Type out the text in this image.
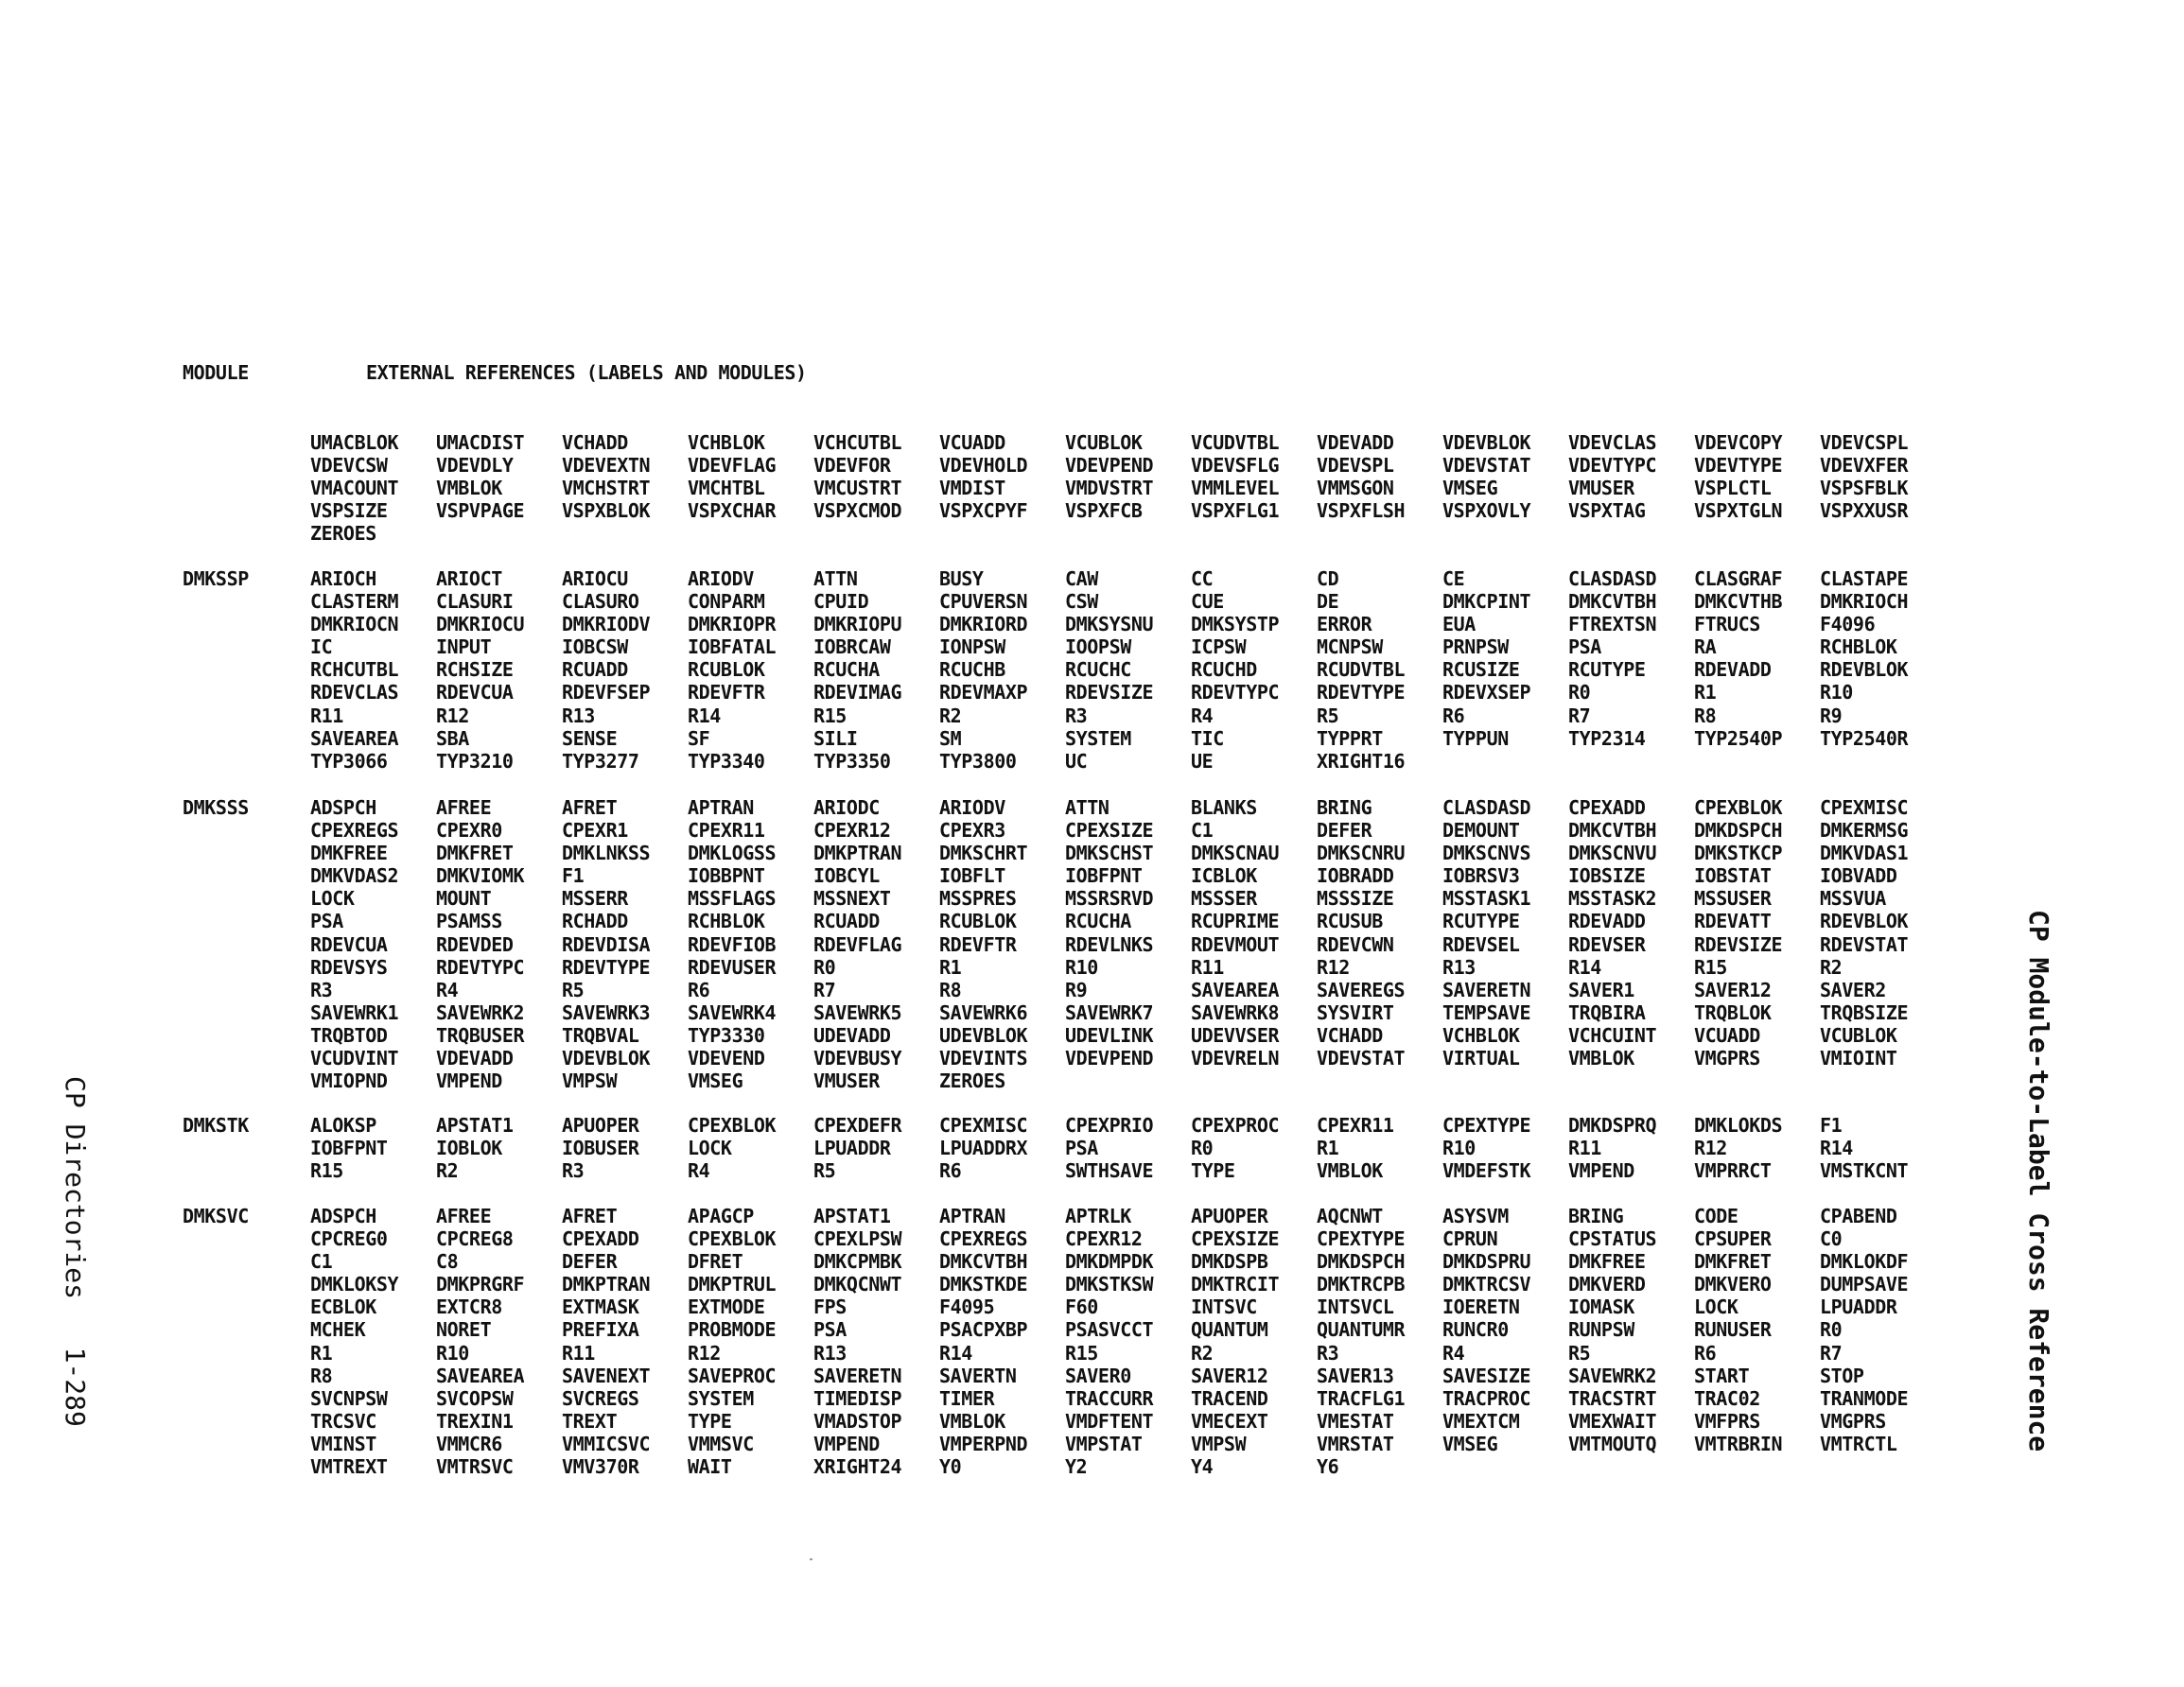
MODULE	EXTERNAL REFERENCES (LABELS AND MODULES)
UMACBLOK	UMACDIST	VCHADD	VCHBLOK	VCHCUTBL	VCUADD	VCUBLOK	VCUDVTBL	VDEVADD	VDEVBLOK	VDEVCLAS	VDEVCOPY	VDEVCSPL
VDEVCSW	VDEVDLY	VDEVEXTN	VDEVFLAG	VDEVFOR	VDEVHOLD	VDEVPEND	VDEVSFLG	VDEVSPL	VDEVSTAT	VDEVTYPC	VDEVTYPE	VDEVXFER
VMACOUNT	VMBLOK	VMCHSTRT	VMCHTBL	VMCUSTRT	VMDIST	VMDVSTRT	VMMLEVEL	VMMSGON	VMSEG	VMUSER	VSPLCTL	VSPSFBLK
VSPSIZE	VSPVPAGE	VSPXBLOK	VSPXCHAR	VSPXCMOD	VSPXCPYF	VSPXFCB	VSPXFLG1	VSPXFLSH	VSPXOVLY	VSPXTAG	VSPXTGLN	VSPXXUSR
ZEROES
DMKSSP	ARIOCH	ARIOCT	ARIOCU	ARIODV	ATTN	BUSY	CAW	CC	CD	CE	CLASDASD	CLASGRAF	CLASTAPE
CLASTERM	CLASURI	CLASURO	CONPARM	CPUID	CPUVERSN	CSW	CUE	DE	DMKCPINT	DMKCVTBH	DMKCVTHB	DMKRIOCH
DMKRIOCN	DMKRIOCU	DMKRIODV	DMKRIOPR	DMKRIOPU	DMKRIORD	DMKSYSNU	DMKSYSTP	ERROR	EUA	FTREXTSN	FTRUCS	F4096
IC	INPUT	IOBCSW	IOBFATAL	IOBRCAW	IONPSW	IOOPSW	ICPSW	MCNPSW	PRNPSW	PSA	RA	RCHBLOK
RCHCUTBL	RCHSIZE	RCUADD	RCUBLOK	RCUCHA	RCUCHB	RCUCHC	RCUCHD	RCUDVTBL	RCUSIZE	RCUTYPE	RDEVADD	RDEVBLOK
RDEVCLAS	RDEVCUA	RDEVFSEP	RDEVFTR	RDEVIMAG	RDEVMAXP	RDEVSIZE	RDEVTYPC	RDEVTYPE	RDEVXSEP	R0	R1	R10
R11	R12	R13	R14	R15	R2	R3	R4	R5	R6	R7	R8	R9
SAVEAREA	SBA	SENSE	SF	SILI	SM	SYSTEM	TIC	TYPPRT	TYPPUN	TYP2314	TYP2540P	TYP2540R
TYP3066	TYP3210	TYP3277	TYP3340	TYP3350	TYP3800	UC	UE	XRIGHT16
DMKSSS	ADSPCH	AFREE	AFRET	APTRAN	ARIODC	ARIODV	ATTN	BLANKS	BRING	CLASDASD	CPEXADD	CPEXBLOK	CPEXMISC
CPEXREGS	CPEXR0	CPEXR1	CPEXR11	CPEXR12	CPEXR3	CPEXSIZE	C1	DEFER	DEMOUNT	DMKCVTBH	DMKDSPCH	DMKERMSG
DMKFREE	DMKFRET	DMKLNKSS	DMKLOGSS	DMKPTRAN	DMKSCHRT	DMKSCHST	DMKSCNAU	DMKSCNRU	DMKSCNVS	DMKSCNVU	DMKSTKCP	DMKVDAS1
DMKVDAS2	DMKVIOMK	F1	IOBBPNT	IOBCYL	IOBFLT	IOBFPNT	ICBLOK	IOBRADD	IOBRSV3	IOBSIZE	IOBSTAT	IOBVADD
LOCK	MOUNT	MSSERR	MSSFLAGS	MSSNEXT	MSSPRES	MSSRSRVD	MSSSER	MSSSIZE	MSSTASK1	MSSTASK2	MSSUSER	MSSVUA
PSA	PSAMSS	RCHADD	RCHBLOK	RCUADD	RCUBLOK	RCUCHA	RCUPRIME	RCUSUB	RCUTYPE	RDEVADD	RDEVATT	RDEVBLOK
RDEVCUA	RDEVDED	RDEVDISA	RDEVFIOB	RDEVFLAG	RDEVFTR	RDEVLNKS	RDEVMOUT	RDEVCWN	RDEVSEL	RDEVSER	RDEVSIZE	RDEVSTAT
RDEVSYS	RDEVTYPC	RDEVTYPE	RDEVUSER	R0	R1	R10	R11	R12	R13	R14	R15	R2
R3	R4	R5	R6	R7	R8	R9	SAVEAREA	SAVEREGS	SAVERETN	SAVER1	SAVER12	SAVER2
SAVEWRK1	SAVEWRK2	SAVEWRK3	SAVEWRK4	SAVEWRK5	SAVEWRK6	SAVEWRK7	SAVEWRK8	SYSVIRT	TEMPSAVE	TRQBIRA	TRQBLOK	TRQBSIZE
TRQBTOD	TRQBUSER	TRQBVAL	TYP3330	UDEVADD	UDEVBLOK	UDEVLINK	UDEVVSER	VCHADD	VCHBLOK	VCHCUINT	VCUADD	VCUBLOK
VCUDVINT	VDEVADD	VDEVBLOK	VDEVEND	VDEVBUSY	VDEVINTS	VDEVPEND	VDEVRELN	VDEVSTAT	VIRTUAL	VMBLOK	VMGPRS	VMIOINT
VMIOPND	VMPEND	VMPSW	VMSEG	VMUSER	ZEROES
DMKSTK	ALOKSP	APSTAT1	APUOPER	CPEXBLOK	CPEXDEFR	CPEXMISC	CPEXPRIO	CPEXPROC	CPEXR11	CPEXTYPE	DMKDSPRQ	DMKLOKDS	F1
IOBFPNT	IOBLOK	IOBUSER	LOCK	LPUADDR	LPUADDRX	PSA	R0	R1	R10	R11	R12	R14
R15	R2	R3	R4	R5	R6	SWTHSAVE	TYPE	VMBLOK	VMDEFSTK	VMPEND	VMPRRCT	VMSTKCNT
DMKSVC	ADSPCH	AFREE	AFRET	APAGCP	APSTAT1	APTRAN	APTRLK	APUOPER	AQCNWT	ASYSVM	BRING	CODE	CPABEND
CPCREG0	CPCREG8	CPEXADD	CPEXBLOK	CPEXLPSW	CPEXREGS	CPEXR12	CPEXSIZE	CPEXTYPE	CPRUN	CPSTATUS	CPSUPER	C0
C1	C8	DEFER	DFRET	DMKCPMBK	DMKCVTBH	DMKDMPDK	DMKDSPB	DMKDSPCH	DMKDSPRU	DMKFREE	DMKFRET	DMKLOKDF
DMKLOKSY	DMKPRGRF	DMKPTRAN	DMKPTRUL	DMKQCNWT	DMKSTKDE	DMKSTKSW	DMKTRCIT	DMKTRCPB	DMKTRCSV	DMKVERD	DMKVERO	DUMPSAVE
ECBLOK	EXTCR8	EXTMASK	EXTMODE	FPS	F4095	F60	INTSVC	INTSVCL	IOERETN	IOMASK	LOCK	LPUADDR
MCHEK	NORET	PREFIXA	PROBMODE	PSA	PSACPXBP	PSASVCCT	QUANTUM	QUANTUMR	RUNCR0	RUNPSW	RUNUSER	R0
R1	R10	R11	R12	R13	R14	R15	R2	R3	R4	R5	R6	R7
R8	SAVEAREA	SAVENEXT	SAVEPROC	SAVERETN	SAVERTN	SAVER0	SAVER12	SAVER13	SAVESIZE	SAVEWRK2	START	STOP
SVCNPSW	SVCOPSW	SVCREGS	SYSTEM	TIMEDISP	TIMER	TRACCURR	TRACEND	TRACFLG1	TRACPROC	TRACSTRT	TRAC02	TRANMODE
TRCSVC	TREXIN1	TREXT	TYPE	VMADSTOP	VMBLOK	VMDFTENT	VMECEXT	VMESTAT	VMEXTCM	VMEXWAIT	VMFPRS	VMGPRS
VMINST	VMMCR6	VMMICSVC	VMMSVC	VMPEND	VMPERPND	VMPSTAT	VMPSW	VMRSTAT	VMSEG	VMTMOUTQ	VMTRBRIN	VMTRCTL
VMTREXT	VMTRSVC	VMV370R	WAIT	XRIGHT24	Y0	Y2	Y4	Y6
CP Directories   1-289	CP Module-to-Label Cross Reference
